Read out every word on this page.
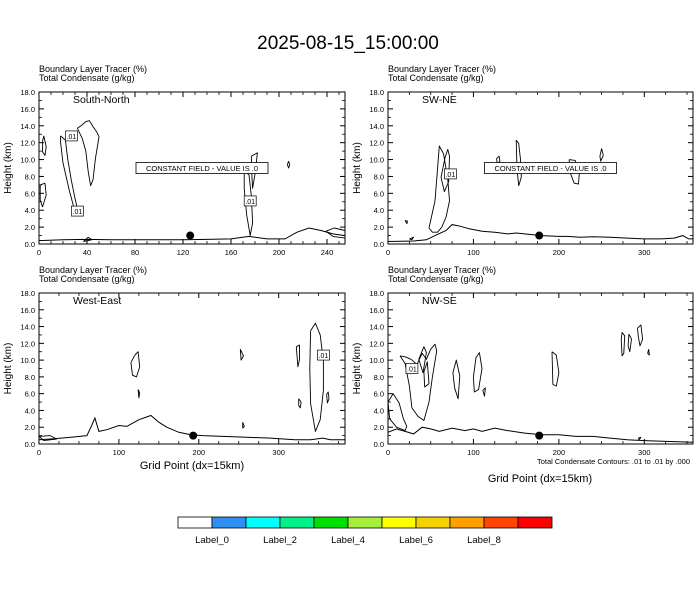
2025-08-15_15:00:00
Boundary Layer Tracer (%)
Total Condensate (g/kg)
0.0
2.0
4.0
6.0
8.0
10.0
12.0
14.0
16.0
18.0
0	40	80	120	160	200	240
.01
.01
.01
CONSTANT FIELD - VALUE IS .0
South-North
Height (km)
Boundary Layer Tracer (%)
Total Condensate (g/kg)
0.0
2.0
4.0
6.0
8.0
10.0
12.0
14.0
16.0
18.0
0	100	200	300
.01
CONSTANT FIELD - VALUE IS .0
SW-NE
Height (km)
Boundary Layer Tracer (%)
Total Condensate (g/kg)
0.0
2.0
4.0
6.0
8.0
10.0
12.0
14.0
16.0
18.0
0	100	200	300
.01
West-East
Height (km)
Boundary Layer Tracer (%)
Total Condensate (g/kg)
0.0
2.0
4.0
6.0
8.0
10.0
12.0
14.0
16.0
18.0
0	100	200	300
.01
NW-SE
Height (km)
Grid Point (dx=15km)
Grid Point (dx=15km)
Total Condensate Contours: .01 to .01 by .000
Label_0	Label_2	Label_4	Label_6	Label_8
